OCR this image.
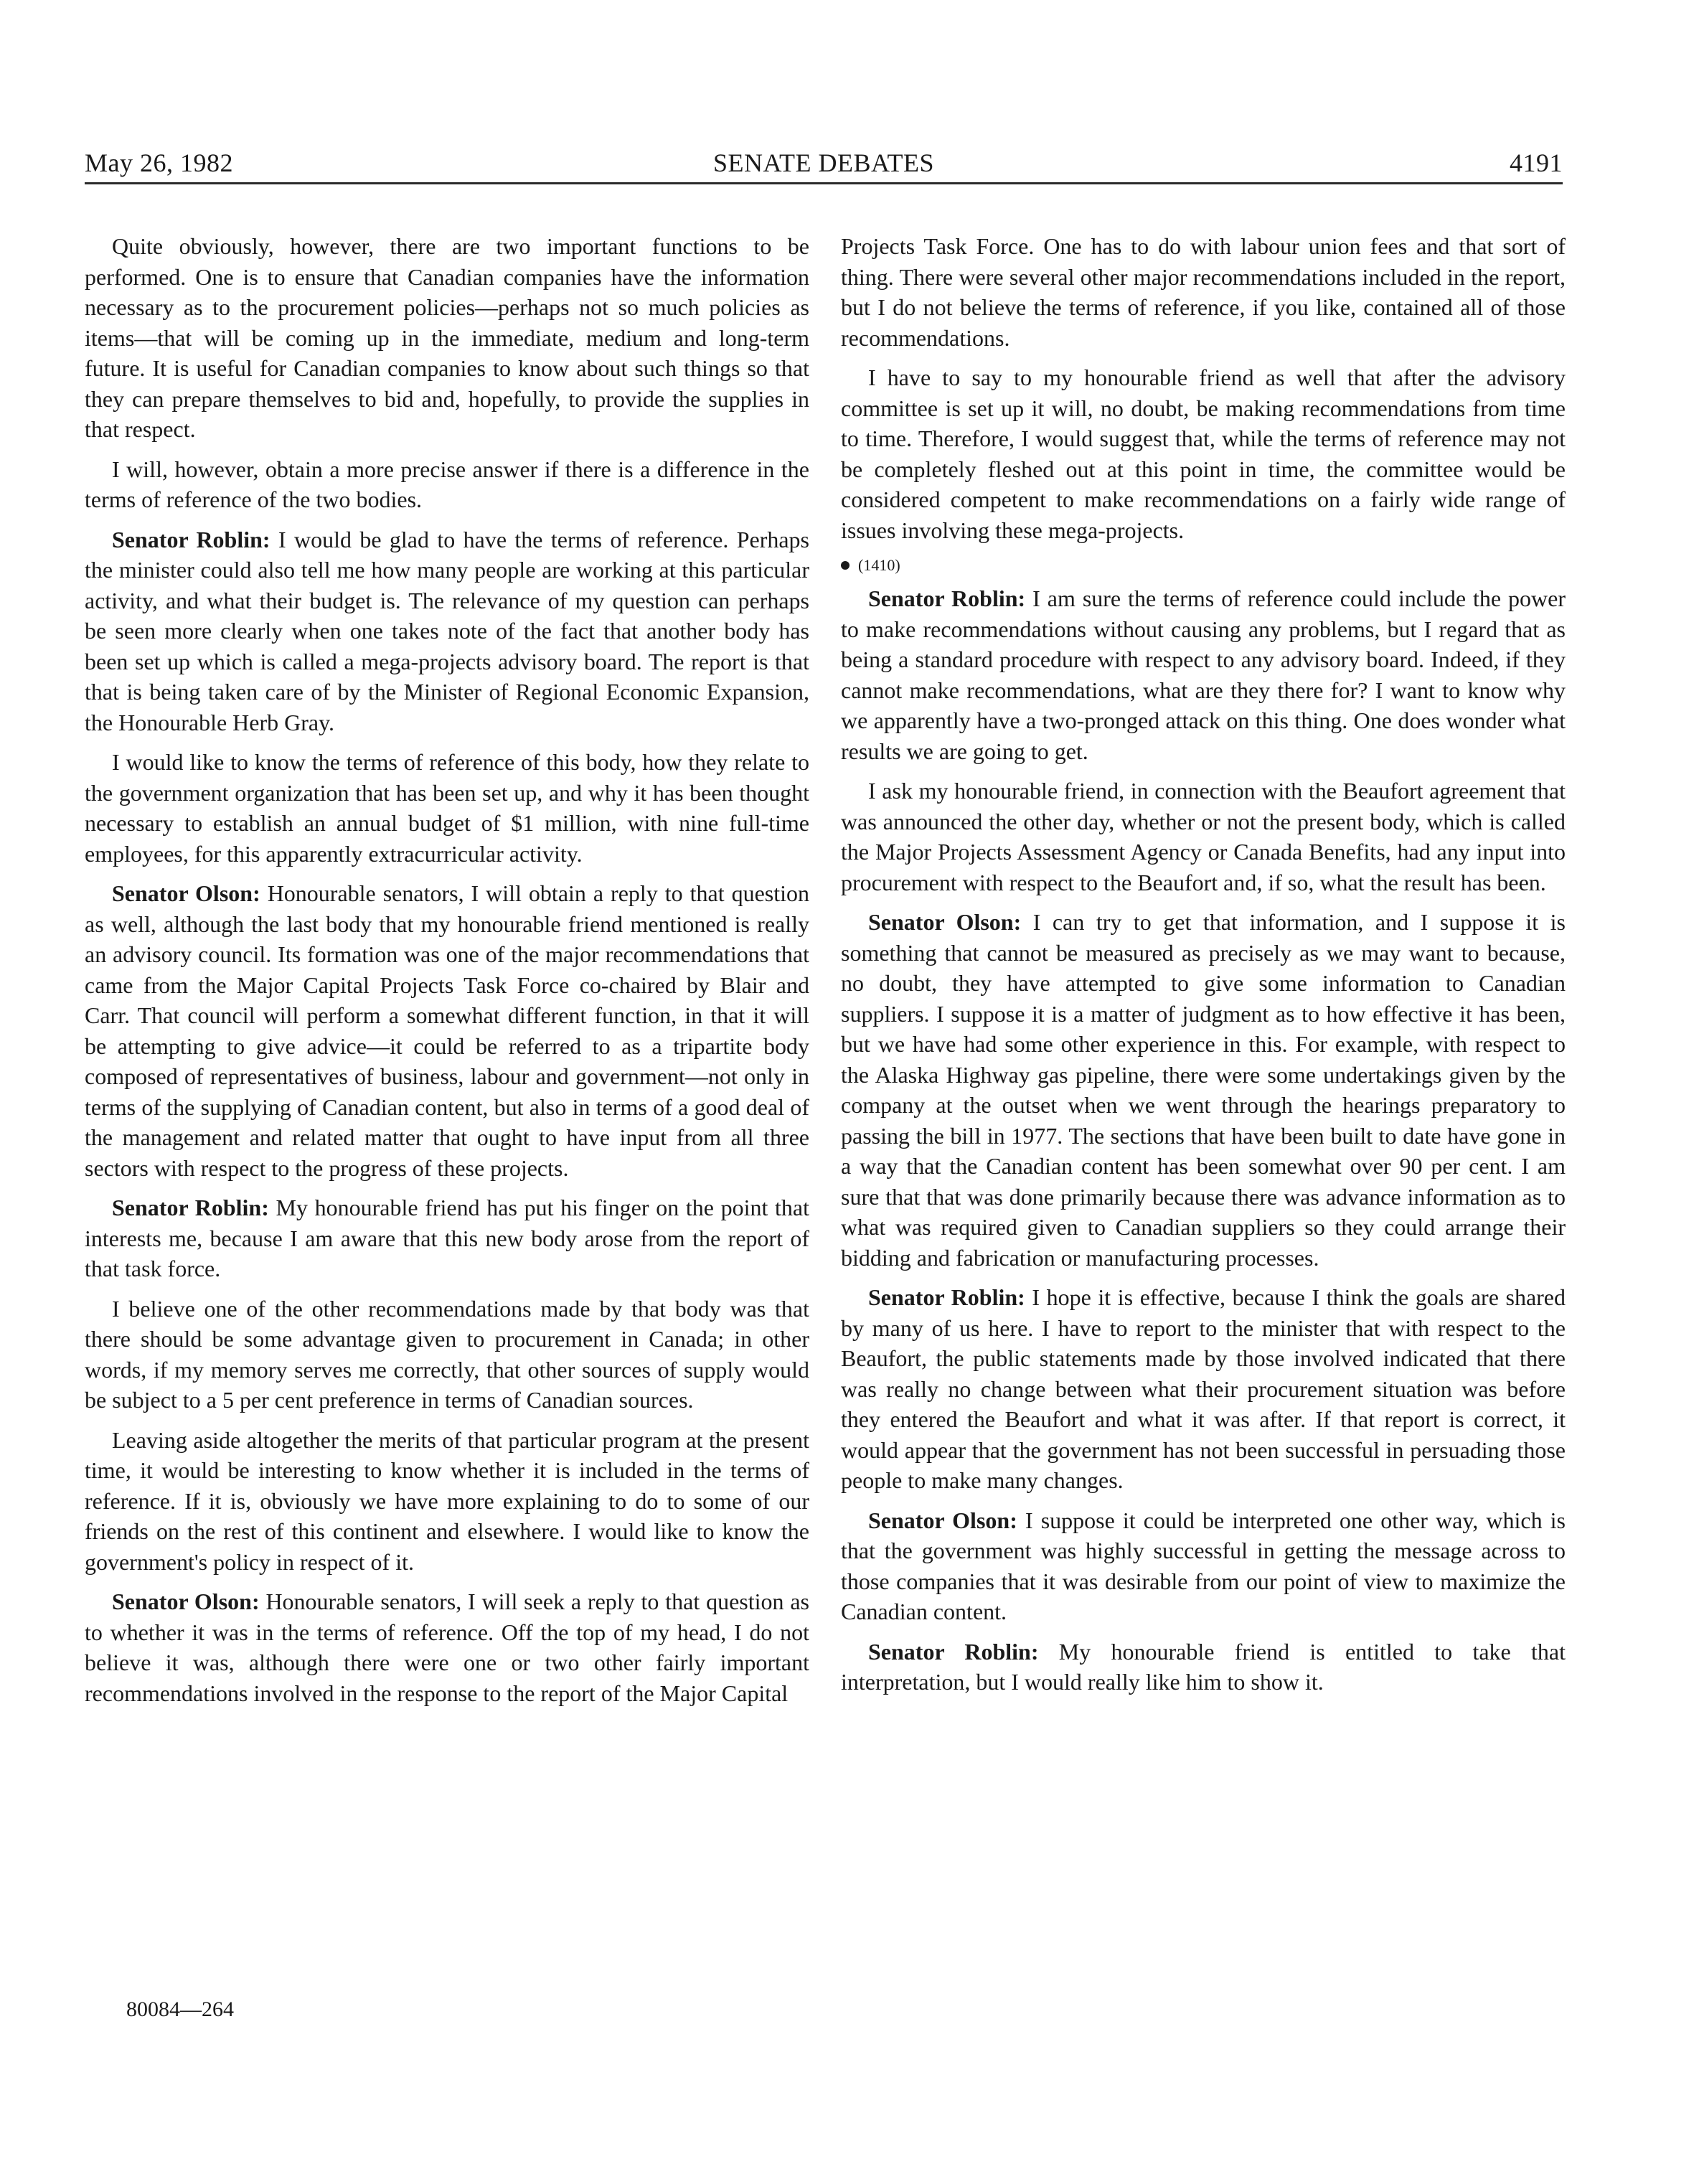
May 26, 1982	SENATE DEBATES	4191

Quite obviously, however, there are two important functions to be performed. One is to ensure that Canadian companies have the information necessary as to the procurement policies—perhaps not so much policies as items—that will be coming up in the immediate, medium and long-term future. It is useful for Canadian companies to know about such things so that they can prepare themselves to bid and, hopefully, to provide the supplies in that respect.

I will, however, obtain a more precise answer if there is a difference in the terms of reference of the two bodies.

Senator Roblin: I would be glad to have the terms of reference. Perhaps the minister could also tell me how many people are working at this particular activity, and what their budget is. The relevance of my question can perhaps be seen more clearly when one takes note of the fact that another body has been set up which is called a mega-projects advisory board. The report is that that is being taken care of by the Minister of Regional Economic Expansion, the Honourable Herb Gray.

I would like to know the terms of reference of this body, how they relate to the government organization that has been set up, and why it has been thought necessary to establish an annual budget of $1 million, with nine full-time employees, for this apparently extracurricular activity.

Senator Olson: Honourable senators, I will obtain a reply to that question as well, although the last body that my honourable friend mentioned is really an advisory council. Its formation was one of the major recommendations that came from the Major Capital Projects Task Force co-chaired by Blair and Carr. That council will perform a somewhat different function, in that it will be attempting to give advice—it could be referred to as a tripartite body composed of representatives of business, labour and government—not only in terms of the supplying of Canadian content, but also in terms of a good deal of the management and related matter that ought to have input from all three sectors with respect to the progress of these projects.

Senator Roblin: My honourable friend has put his finger on the point that interests me, because I am aware that this new body arose from the report of that task force.

I believe one of the other recommendations made by that body was that there should be some advantage given to procurement in Canada; in other words, if my memory serves me correctly, that other sources of supply would be subject to a 5 per cent preference in terms of Canadian sources.

Leaving aside altogether the merits of that particular program at the present time, it would be interesting to know whether it is included in the terms of reference. If it is, obviously we have more explaining to do to some of our friends on the rest of this continent and elsewhere. I would like to know the government's policy in respect of it.

Senator Olson: Honourable senators, I will seek a reply to that question as to whether it was in the terms of reference. Off the top of my head, I do not believe it was, although there were one or two other fairly important recommendations involved in the response to the report of the Major Capital

Projects Task Force. One has to do with labour union fees and that sort of thing. There were several other major recommendations included in the report, but I do not believe the terms of reference, if you like, contained all of those recommendations.

I have to say to my honourable friend as well that after the advisory committee is set up it will, no doubt, be making recommendations from time to time. Therefore, I would suggest that, while the terms of reference may not be completely fleshed out at this point in time, the committee would be considered competent to make recommendations on a fairly wide range of issues involving these mega-projects.

(1410)

Senator Roblin: I am sure the terms of reference could include the power to make recommendations without causing any problems, but I regard that as being a standard procedure with respect to any advisory board. Indeed, if they cannot make recommendations, what are they there for? I want to know why we apparently have a two-pronged attack on this thing. One does wonder what results we are going to get.

I ask my honourable friend, in connection with the Beaufort agreement that was announced the other day, whether or not the present body, which is called the Major Projects Assessment Agency or Canada Benefits, had any input into procurement with respect to the Beaufort and, if so, what the result has been.

Senator Olson: I can try to get that information, and I suppose it is something that cannot be measured as precisely as we may want to because, no doubt, they have attempted to give some information to Canadian suppliers. I suppose it is a matter of judgment as to how effective it has been, but we have had some other experience in this. For example, with respect to the Alaska Highway gas pipeline, there were some undertakings given by the company at the outset when we went through the hearings preparatory to passing the bill in 1977. The sections that have been built to date have gone in a way that the Canadian content has been somewhat over 90 per cent. I am sure that that was done primarily because there was advance information as to what was required given to Canadian suppliers so they could arrange their bidding and fabrication or manufacturing processes.

Senator Roblin: I hope it is effective, because I think the goals are shared by many of us here. I have to report to the minister that with respect to the Beaufort, the public statements made by those involved indicated that there was really no change between what their procurement situation was before they entered the Beaufort and what it was after. If that report is correct, it would appear that the government has not been successful in persuading those people to make many changes.

Senator Olson: I suppose it could be interpreted one other way, which is that the government was highly successful in getting the message across to those companies that it was desirable from our point of view to maximize the Canadian content.

Senator Roblin: My honourable friend is entitled to take that interpretation, but I would really like him to show it.

80084—264
